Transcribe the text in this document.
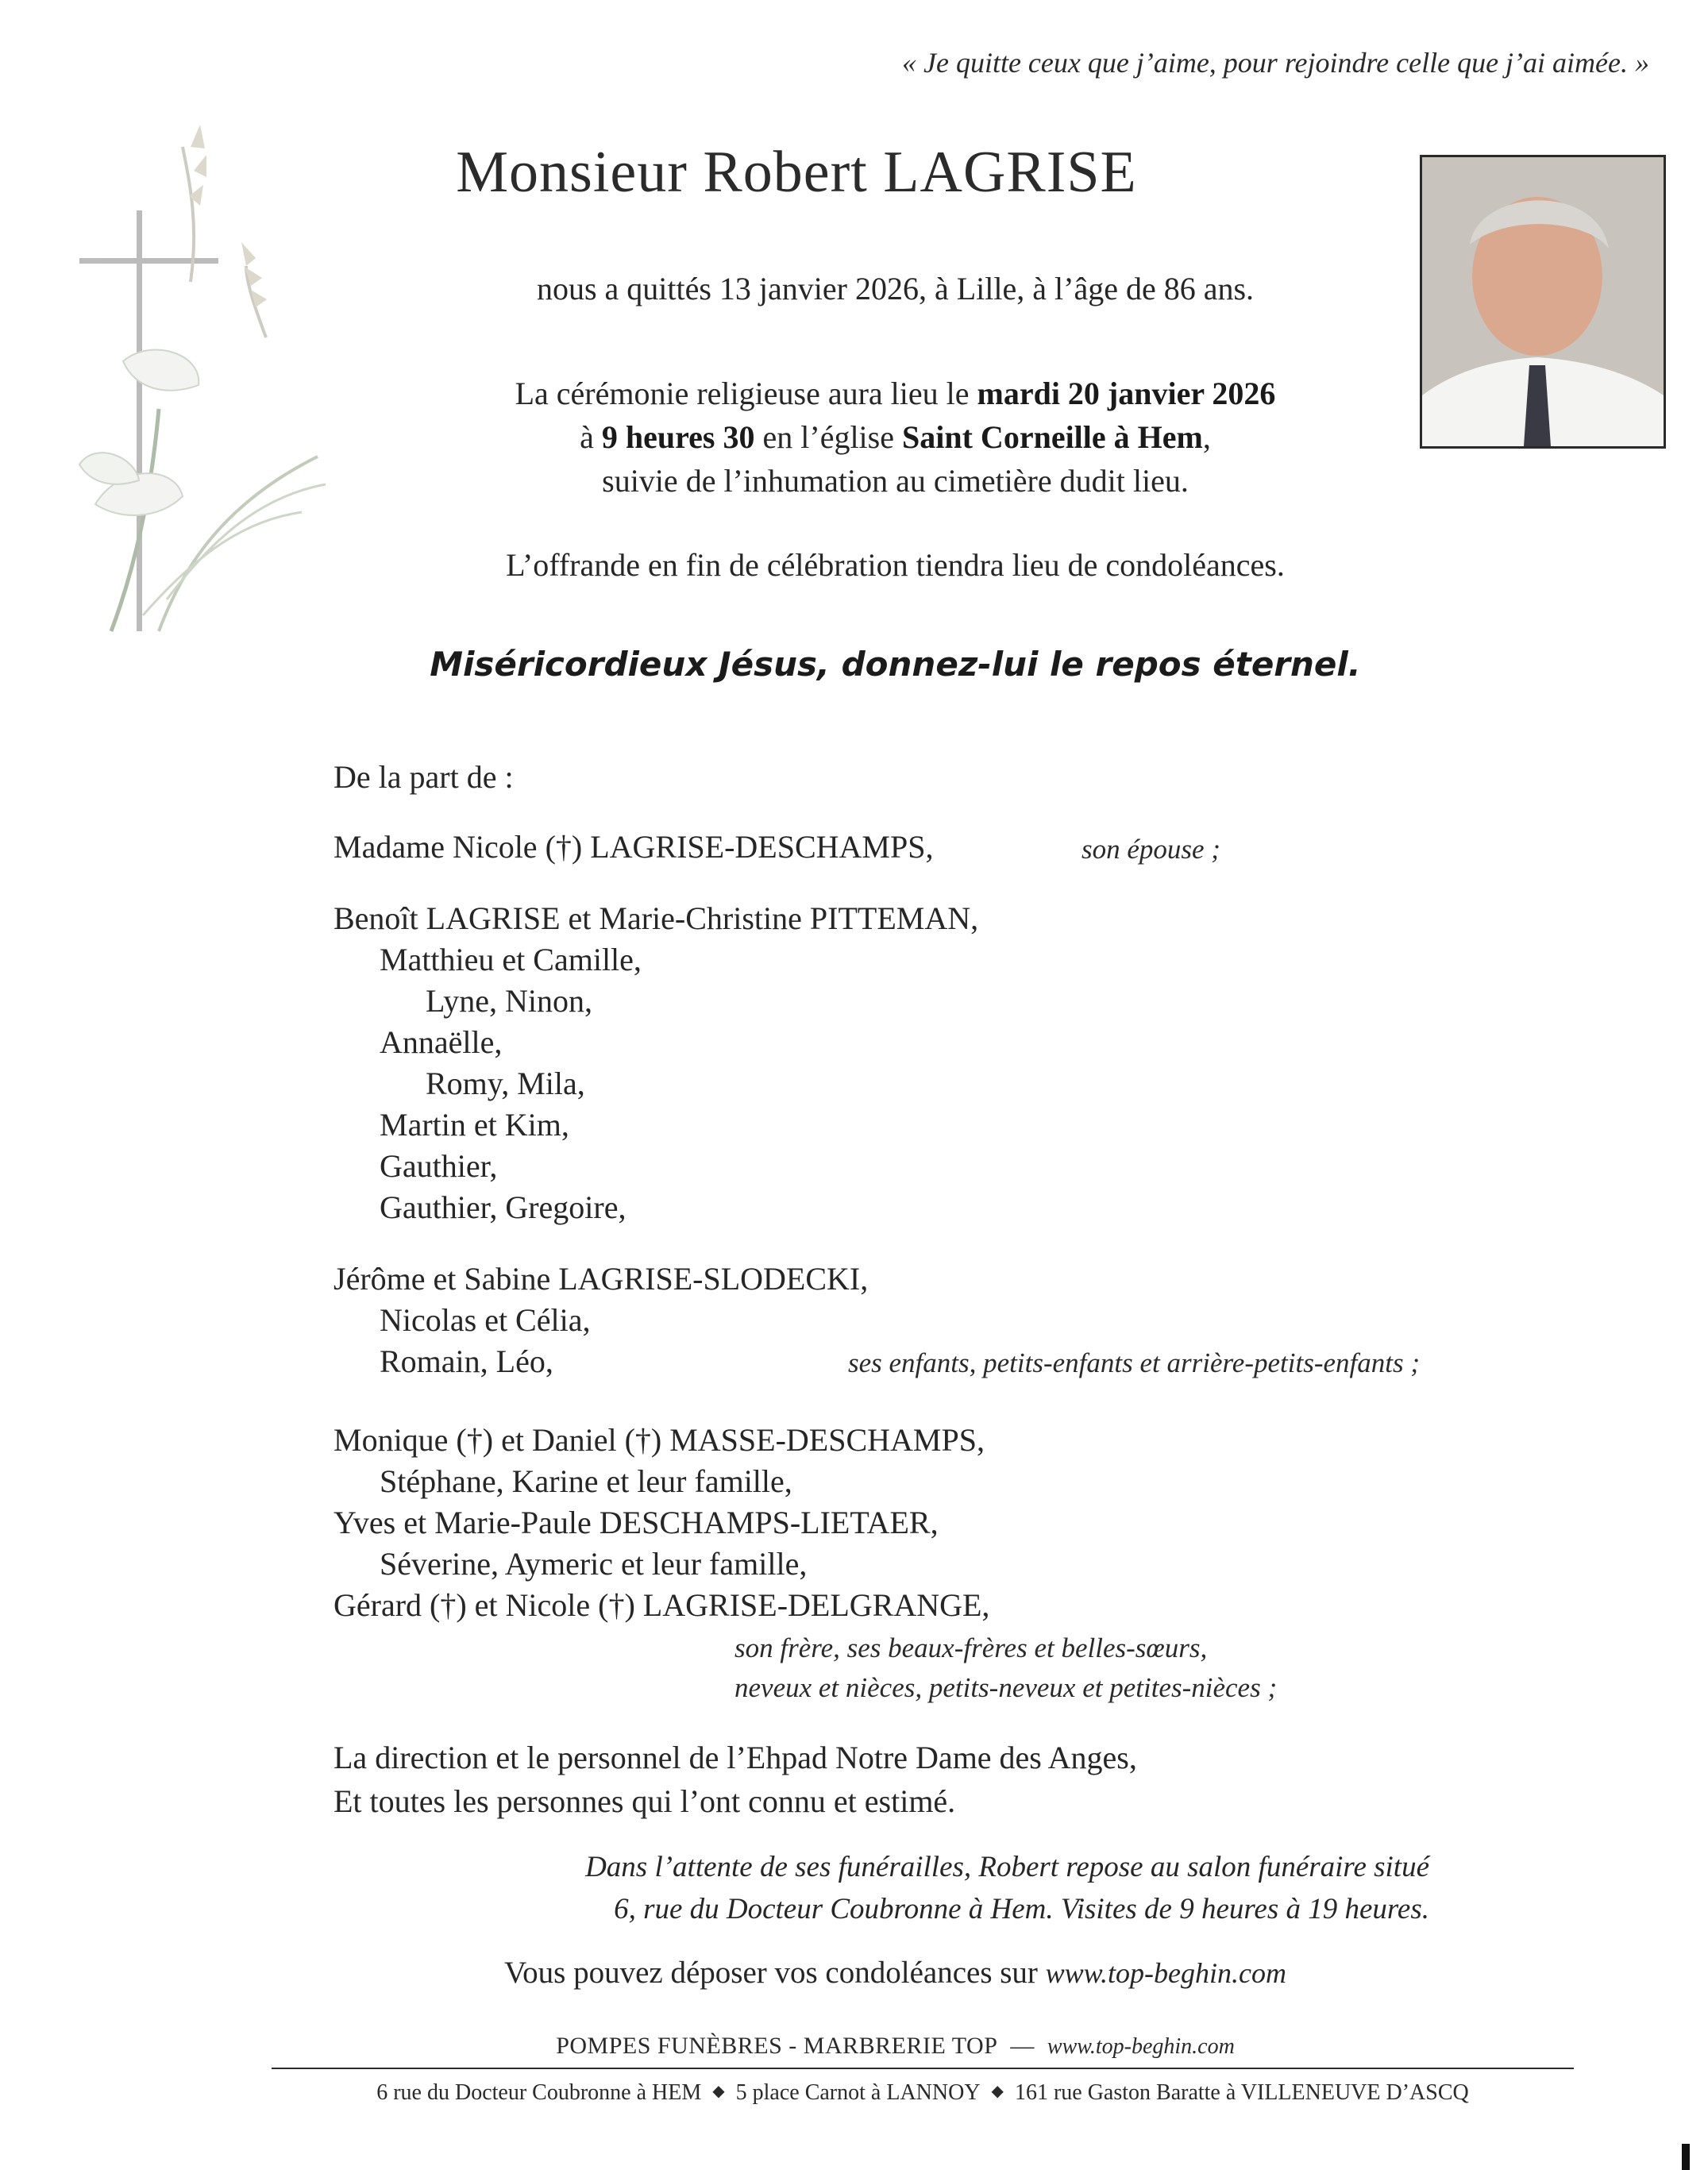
« Je quitte ceux que j’aime, pour rejoindre celle que j’ai aimée. »
Monsieur Robert LAGRISE
nous a quittés 13 janvier 2026, à Lille, à l’âge de 86 ans.
La cérémonie religieuse aura lieu le mardi 20 janvier 2026
à 9 heures 30 en l’église Saint Corneille à Hem,
suivie de l’inhumation au cimetière dudit lieu.
L’offrande en fin de célébration tiendra lieu de condoléances.
Miséricordieux Jésus, donnez-lui le repos éternel.
De la part de :
Madame Nicole (†) LAGRISE-DESCHAMPS,	son épouse ;
Benoît LAGRISE et Marie-Christine PITTEMAN,
Matthieu et Camille,
Lyne, Ninon,
Annaëlle,
Romy, Mila,
Martin et Kim,
Gauthier,
Gauthier, Gregoire,
Jérôme et Sabine LAGRISE-SLODECKI,
Nicolas et Célia,
Romain, Léo,	ses enfants, petits-enfants et arrière-petits-enfants ;
Monique (†) et Daniel (†) MASSE-DESCHAMPS,
Stéphane, Karine et leur famille,
Yves et Marie-Paule DESCHAMPS-LIETAER,
Séverine, Aymeric et leur famille,
Gérard (†) et Nicole (†) LAGRISE-DELGRANGE,
son frère, ses beaux-frères et belles-sœurs,
neveux et nièces, petits-neveux et petites-nièces ;
La direction et le personnel de l’Ehpad Notre Dame des Anges,
Et toutes les personnes qui l’ont connu et estimé.
Dans l’attente de ses funérailles, Robert repose au salon funéraire situé
6, rue du Docteur Coubronne à Hem. Visites de 9 heures à 19 heures.
Vous pouvez déposer vos condoléances sur www.top-beghin.com
POMPES FUNÈBRES - MARBRERIE TOP — www.top-beghin.com
6 rue du Docteur Coubronne à HEM ◆ 5 place Carnot à LANNOY ◆ 161 rue Gaston Baratte à VILLENEUVE D’ASCQ
